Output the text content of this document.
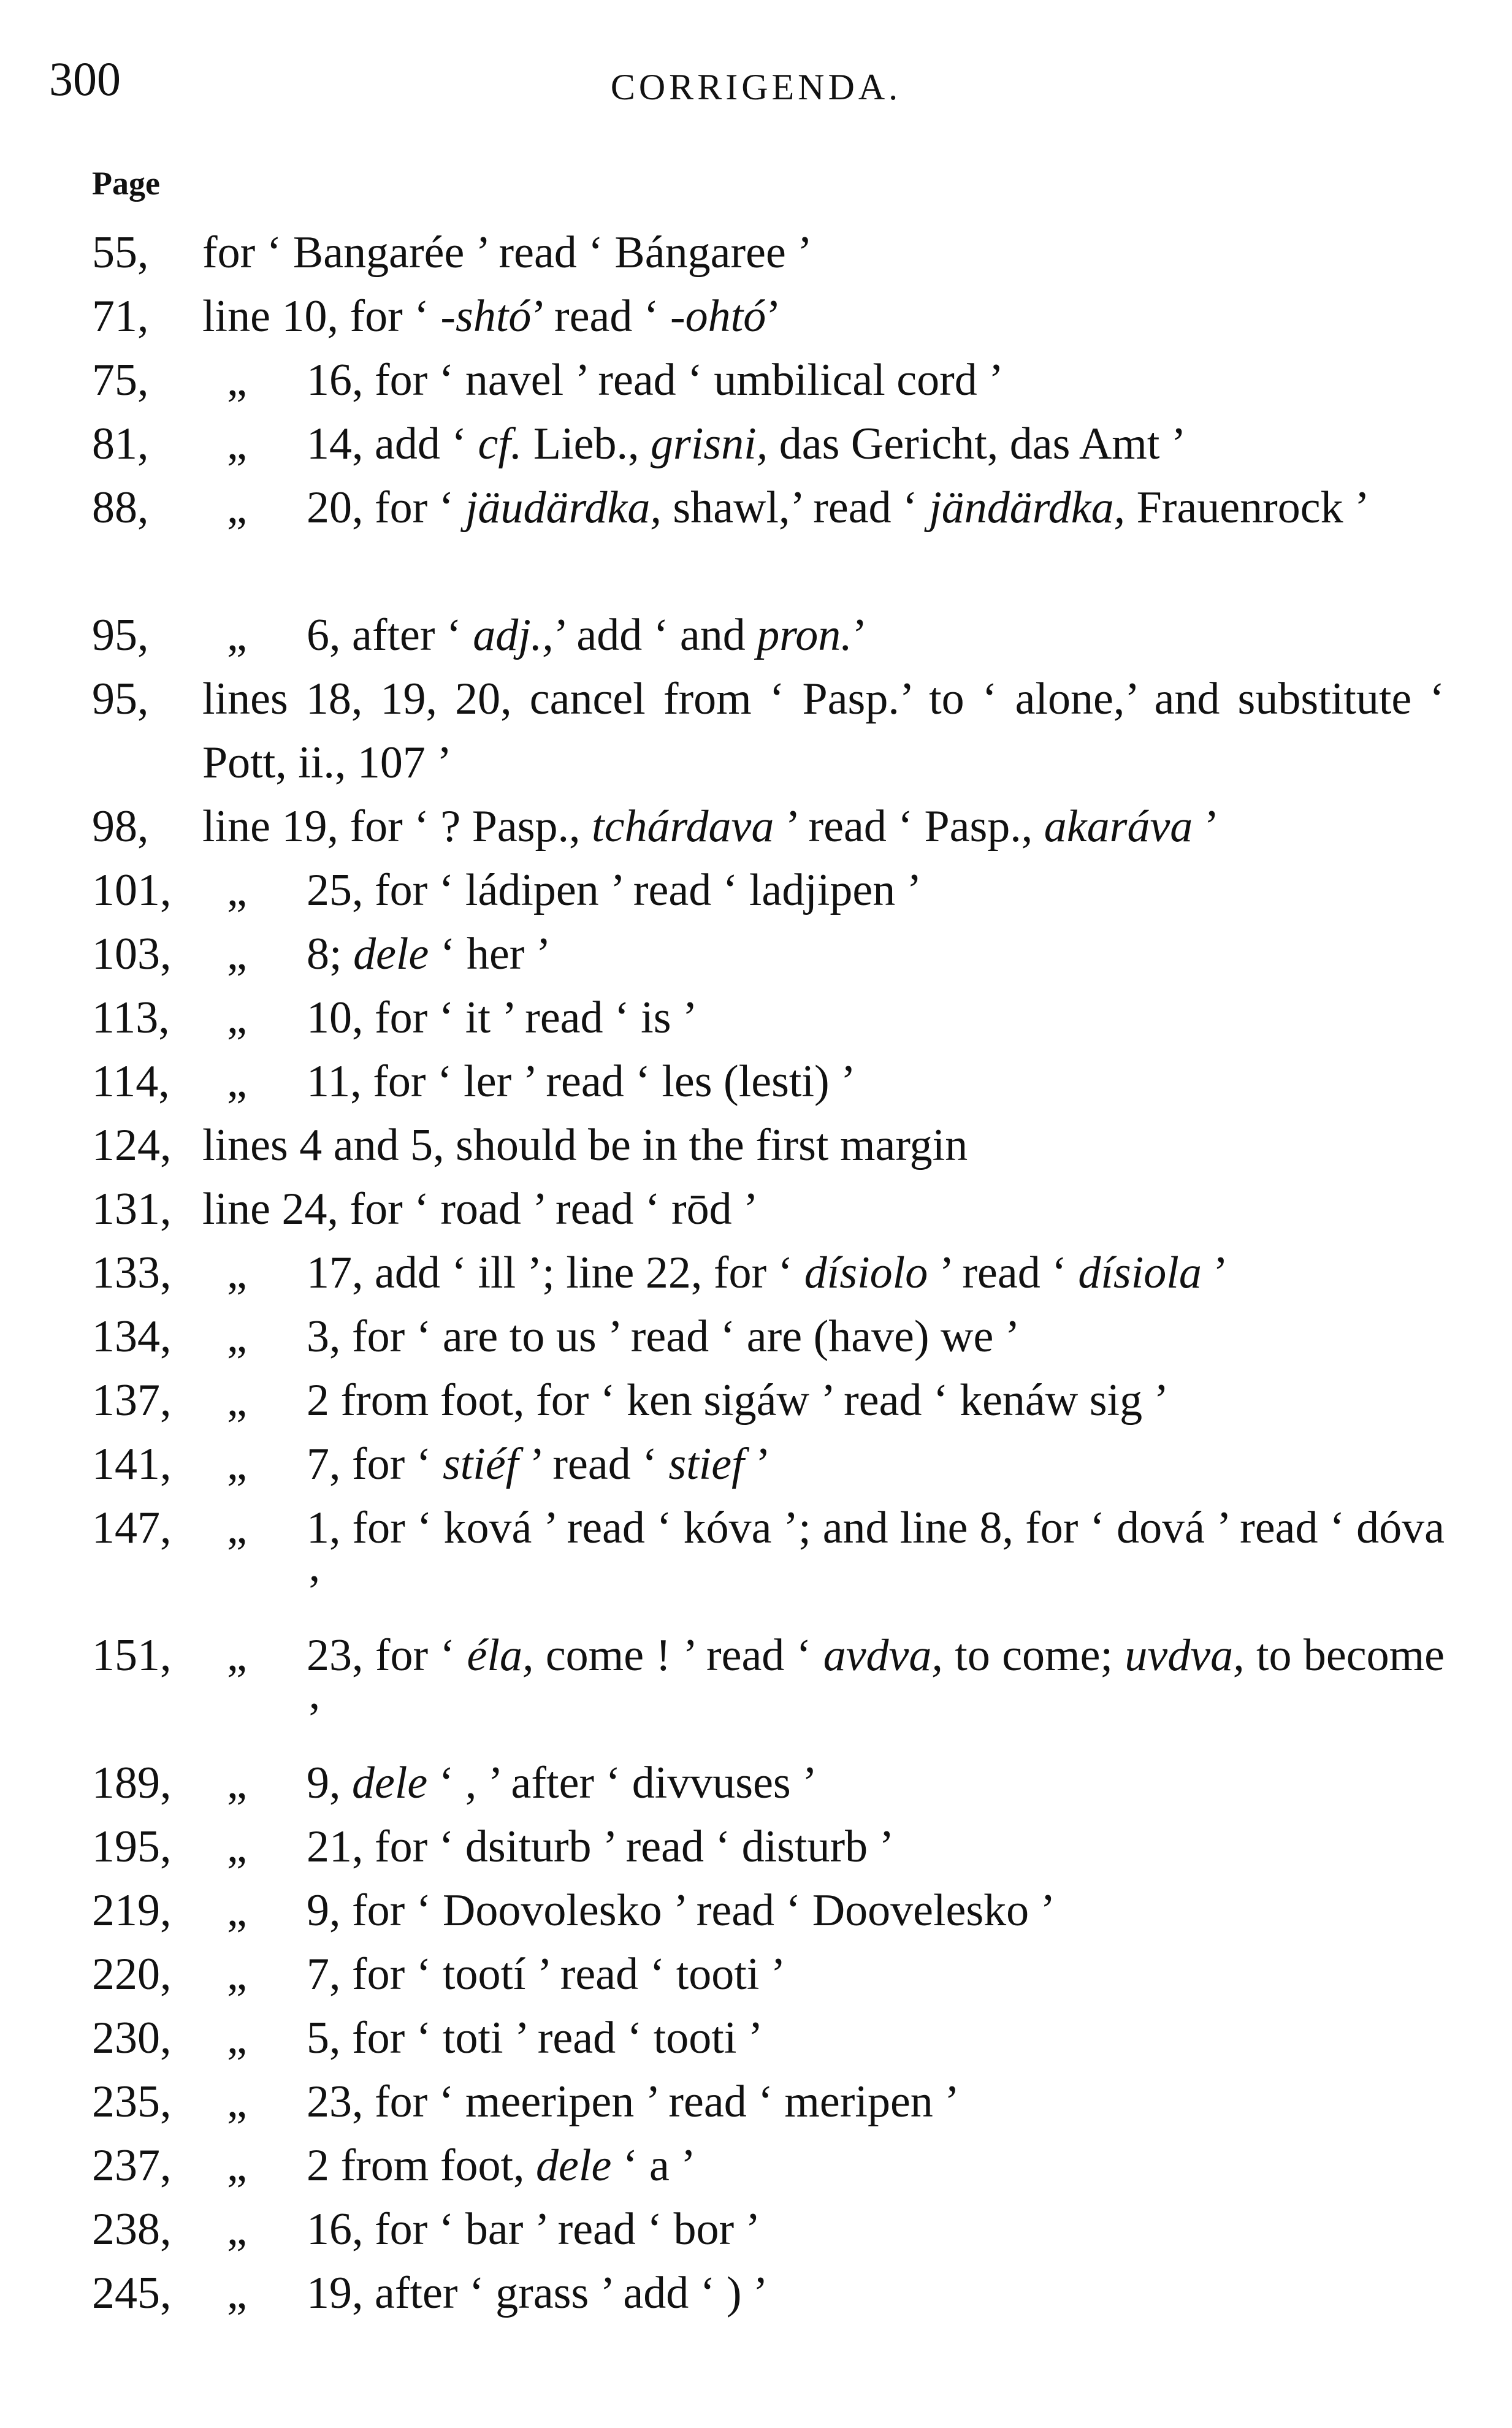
300	CORRIGENDA.
Page
55,	for ‘ Bangarée ’ read ‘ Bángaree ’
71,	line 10, for ‘ -shtó’ read ‘ -ohtó’
75,	„	16, for ‘ navel ’ read ‘ umbilical cord ’
81,	„	14, add ‘ cf. Lieb., grisni, das Gericht, das Amt ’
88,	„	20, for ‘ jäudärdka, shawl,’ read ‘ jändärdka, Frauenrock ’
95,	„	6, after ‘ adj.,’ add ‘ and pron.’
95,	lines 18, 19, 20, cancel from ‘ Pasp.’ to ‘ alone,’ and substitute ‘ Pott, ii., 107 ’
98,	line 19, for ‘ ? Pasp., tchárdava ’ read ‘ Pasp., akaráva ’
101,	„	25, for ‘ ládipen ’ read ‘ ladjipen ’
103,	„	8; dele ‘ her ’
113,	„	10, for ‘ it ’ read ‘ is ’
114,	„	11, for ‘ ler ’ read ‘ les (lesti) ’
124, lines 4 and 5, should be in the first margin
131, line 24, for ‘ road ’ read ‘ rōd ’
133,	„	17, add ‘ ill ’; line 22, for ‘ dísiolo ’ read ‘ dísiola ’
134,	„	3, for ‘ are to us ’ read ‘ are (have) we ’
137,	„	2 from foot, for ‘ ken sigáw ’ read ‘ kenáw sig ’
141,	„	7, for ‘ stiéf ’ read ‘ stief ’
147,	„	1, for ‘ ková ’ read ‘ kóva ’; and line 8, for ‘ dová ’ read ‘ dóva ’
151,	„	23, for ‘ éla, come ! ’ read ‘ avdva, to come; uvdva, to become ’
189,	„	9, dele ‘ , ’ after ‘ divvuses ’
195,	„	21, for ‘ dsiturb ’ read ‘ disturb ’
219,	„	9, for ‘ Doovolesko ’ read ‘ Doovelesko ’
220,	„	7, for ‘ tootí ’ read ‘ tooti ’
230,	„	5, for ‘ toti ’ read ‘ tooti ’
235,	„	23, for ‘ meeripen ’ read ‘ meripen ’
237,	„	2 from foot, dele ‘ a ’
238,	„	16, for ‘ bar ’ read ‘ bor ’
245,	„	19, after ‘ grass ’ add ‘ ) ’
